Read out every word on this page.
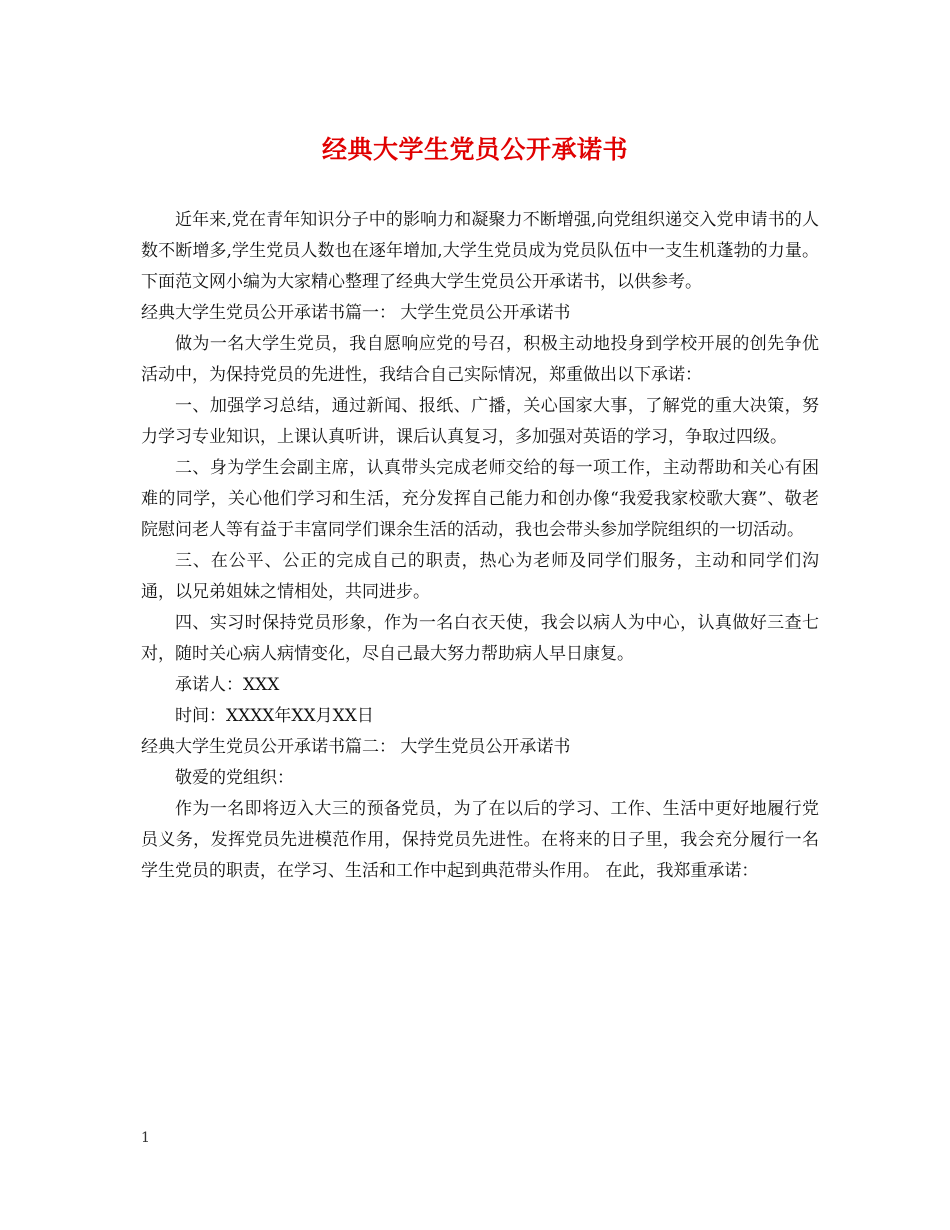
经典大学生党员公开承诺书

近年来,党在青年知识分子中的影响力和凝聚力不断增强,向党组织递交入党申请书的人数不断增多,学生党员人数也在逐年增加,大学生党员成为党员队伍中一支生机蓬勃的力量。下面范文网小编为大家精心整理了经典大学生党员公开承诺书，以供参考。

经典大学生党员公开承诺书篇一：	大学生党员公开承诺书

做为一名大学生党员，我自愿响应党的号召，积极主动地投身到学校开展的创先争优活动中，为保持党员的先进性，我结合自己实际情况，郑重做出以下承诺：

一、加强学习总结，通过新闻、报纸、广播，关心国家大事，了解党的重大决策，努力学习专业知识，上课认真听讲，课后认真复习，多加强对英语的学习，争取过四级。

二、身为学生会副主席，认真带头完成老师交给的每一项工作，主动帮助和关心有困难的同学，关心他们学习和生活，充分发挥自己能力和创办像“我爱我家校歌大赛”、敬老院慰问老人等有益于丰富同学们课余生活的活动，我也会带头参加学院组织的一切活动。

三、在公平、公正的完成自己的职责，热心为老师及同学们服务，主动和同学们沟通，以兄弟姐妹之情相处，共同进步。

四、实习时保持党员形象，作为一名白衣天使，我会以病人为中心，认真做好三查七对，随时关心病人病情变化，尽自己最大努力帮助病人早日康复。

承诺人：XXX

时间：XXXX年XX月XX日

经典大学生党员公开承诺书篇二：	大学生党员公开承诺书

敬爱的党组织：

作为一名即将迈入大三的预备党员，为了在以后的学习、工作、生活中更好地履行党员义务，发挥党员先进模范作用，保持党员先进性。在将来的日子里，我会充分履行一名学生党员的职责，在学习、生活和工作中起到典范带头作用。 在此，我郑重承诺：

1
